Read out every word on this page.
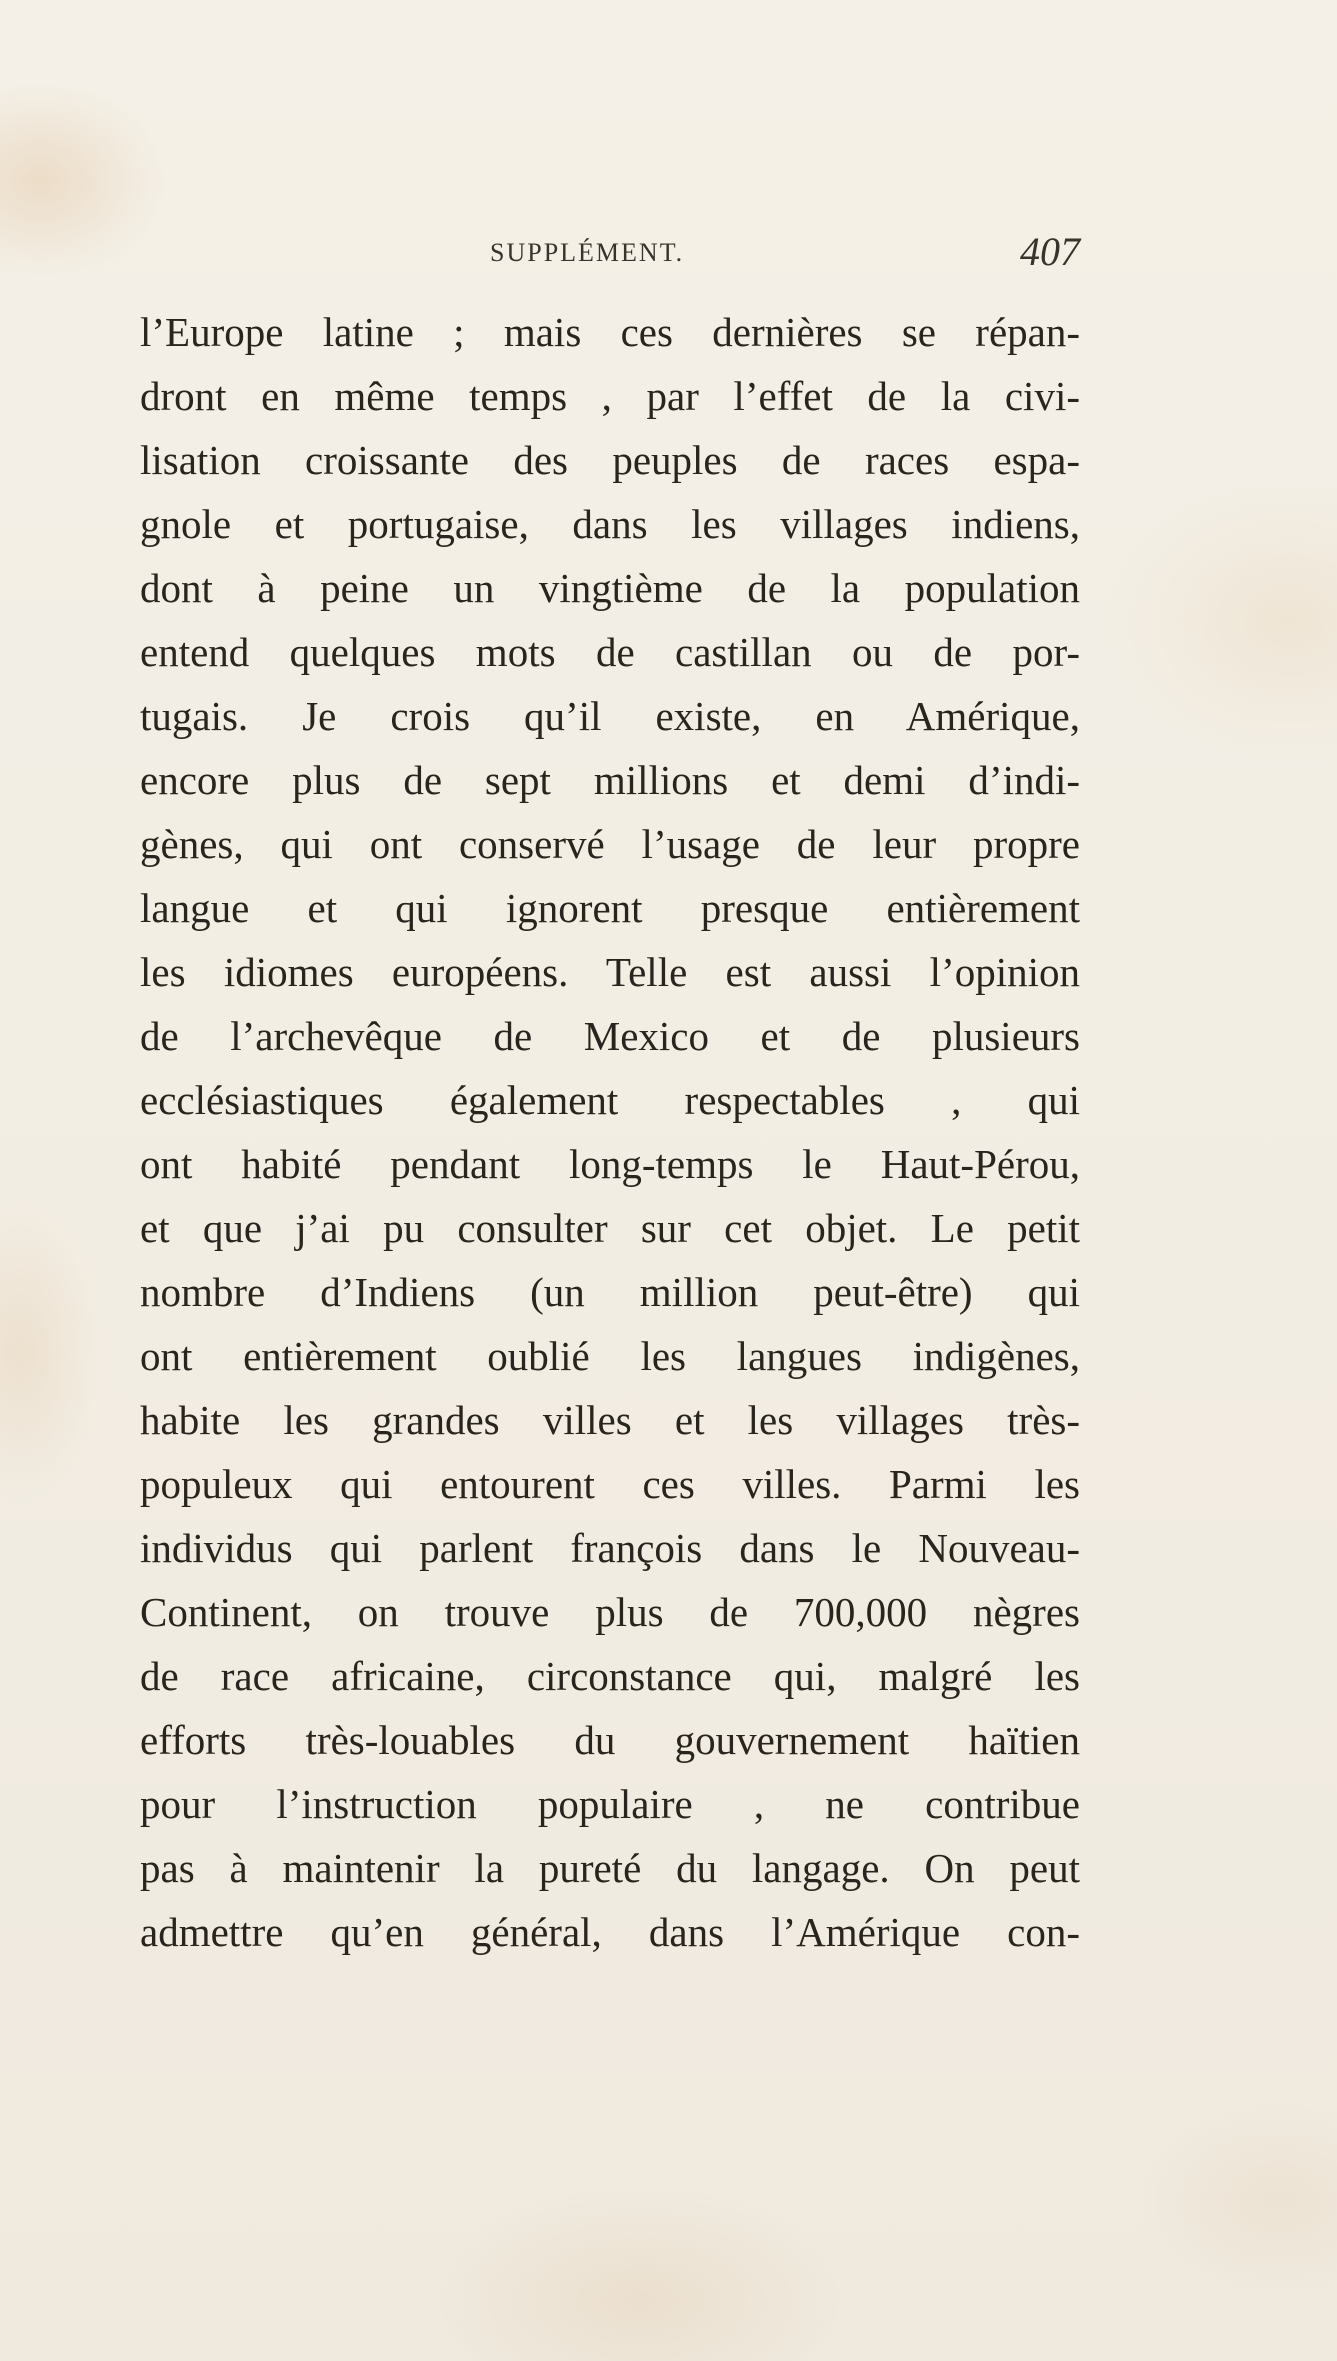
SUPPLÉMENT.	407
l’Europe latine ; mais ces dernières se répan-
dront en même temps , par l’effet de la civi-
lisation croissante des peuples de races espa-
gnole et portugaise, dans les villages indiens,
dont à peine un vingtième de la population
entend quelques mots de castillan ou de por-
tugais. Je crois qu’il existe, en Amérique,
encore plus de sept millions et demi d’indi-
gènes, qui ont conservé l’usage de leur propre
langue et qui ignorent presque entièrement
les idiomes européens. Telle est aussi l’opinion
de l’archevêque de Mexico et de plusieurs
ecclésiastiques également respectables , qui
ont habité pendant long-temps le Haut-Pérou,
et que j’ai pu consulter sur cet objet. Le petit
nombre d’Indiens (un million peut-être) qui
ont entièrement oublié les langues indigènes,
habite les grandes villes et les villages très-
populeux qui entourent ces villes. Parmi les
individus qui parlent françois dans le Nouveau-
Continent, on trouve plus de 700,000 nègres
de race africaine, circonstance qui, malgré les
efforts très-louables du gouvernement haïtien
pour l’instruction populaire , ne contribue
pas à maintenir la pureté du langage. On peut
admettre qu’en général, dans l’Amérique con-
